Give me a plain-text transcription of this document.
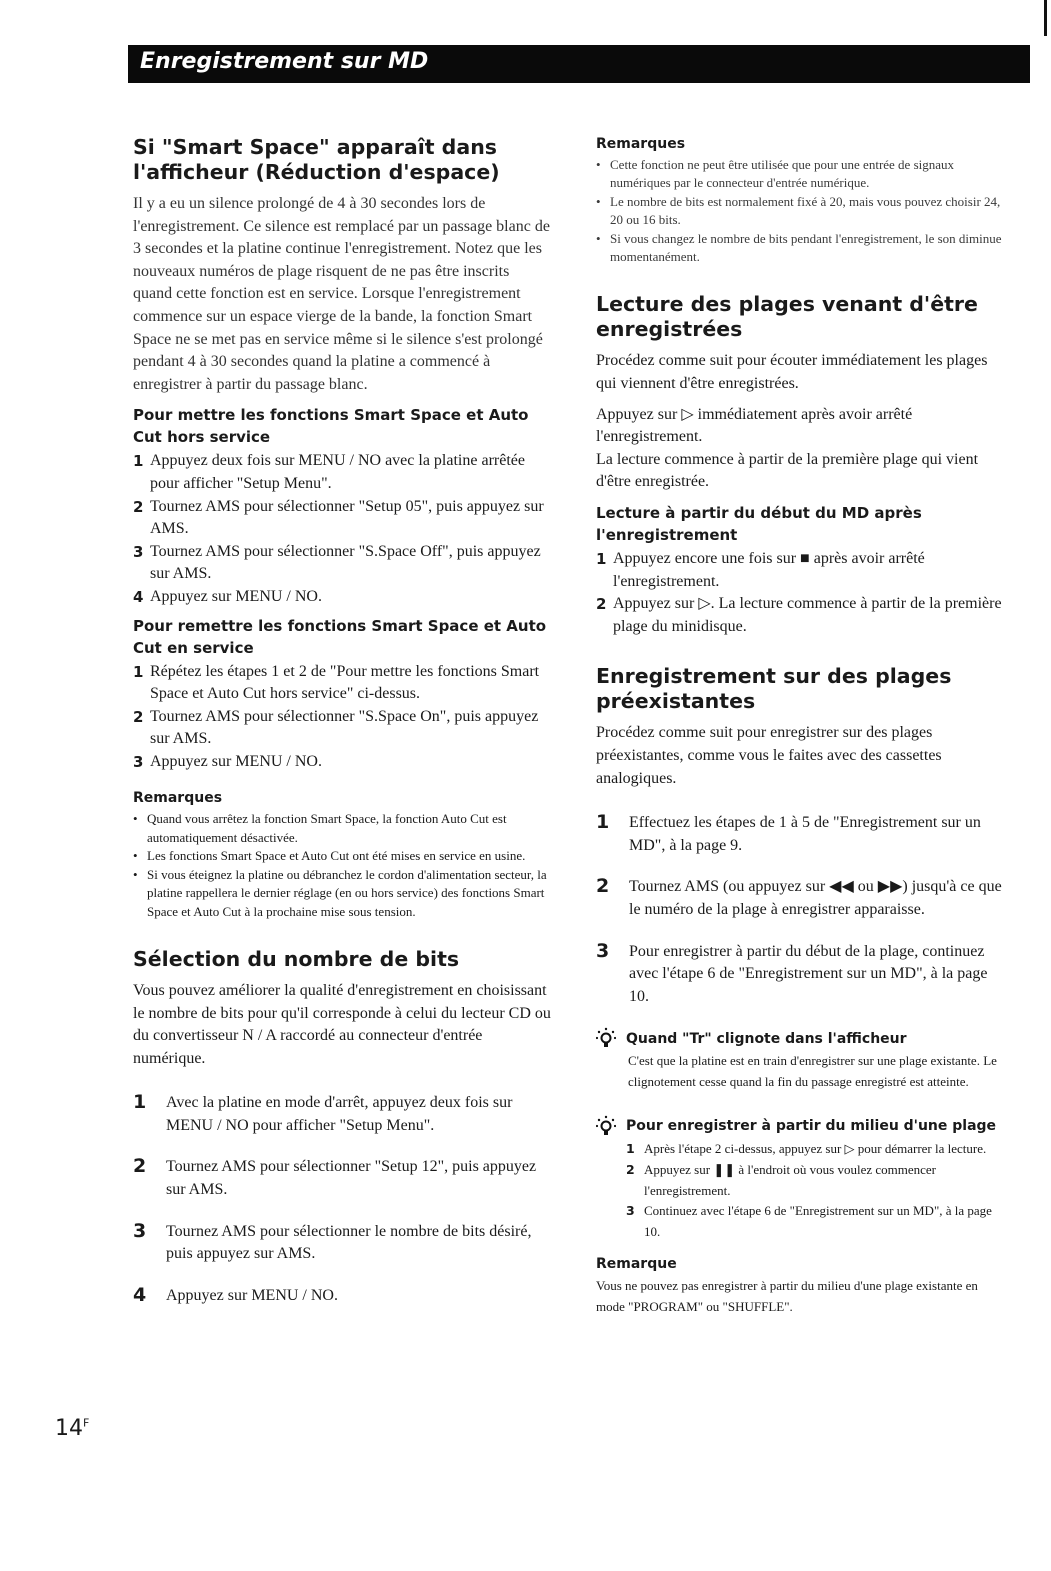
Enregistrement sur MD
Si "Smart Space" apparaît dans l'afficheur (Réduction d'espace)

Il y a eu un silence prolongé de 4 à 30 secondes lors de l'enregistrement. Ce silence est remplacé par un passage blanc de 3 secondes et la platine continue l'enregistrement. Notez que les nouveaux numéros de plage risquent de ne pas être inscrits quand cette fonction est en service. Lorsque l'enregistrement commence sur un espace vierge de la bande, la fonction Smart Space ne se met pas en service même si le silence s'est prolongé pendant 4 à 30 secondes quand la platine a commencé à enregistrer à partir du passage blanc.

Pour mettre les fonctions Smart Space et Auto Cut hors service
1 Appuyez deux fois sur MENU / NO avec la platine arrêtée pour afficher "Setup Menu".
2 Tournez AMS pour sélectionner "Setup 05", puis appuyez sur AMS.
3 Tournez AMS pour sélectionner "S.Space Off", puis appuyez sur AMS.
4 Appuyez sur MENU / NO.
Pour remettre les fonctions Smart Space et Auto Cut en service
1 Répétez les étapes 1 et 2 de "Pour mettre les fonctions Smart Space et Auto Cut hors service" ci-dessus.
2 Tournez AMS pour sélectionner "S.Space On", puis appuyez sur AMS.
3 Appuyez sur MENU / NO.
Remarques
• Quand vous arrêtez la fonction Smart Space, la fonction Auto Cut est automatiquement désactivée.
• Les fonctions Smart Space et Auto Cut ont été mises en service en usine.
• Si vous éteignez la platine ou débranchez le cordon d'alimentation secteur, la platine rappellera le dernier réglage (en ou hors service) des fonctions Smart Space et Auto Cut à la prochaine mise sous tension.
Sélection du nombre de bits

Vous pouvez améliorer la qualité d'enregistrement en choisissant le nombre de bits pour qu'il corresponde à celui du lecteur CD ou du convertisseur N / A raccordé au connecteur d'entrée numérique.

1 Avec la platine en mode d'arrêt, appuyez deux fois sur MENU / NO pour afficher "Setup Menu".
2 Tournez AMS pour sélectionner "Setup 12", puis appuyez sur AMS.
3 Tournez AMS pour sélectionner le nombre de bits désiré, puis appuyez sur AMS.
4 Appuyez sur MENU / NO.
Remarques
• Cette fonction ne peut être utilisée que pour une entrée de signaux numériques par le connecteur d'entrée numérique.
• Le nombre de bits est normalement fixé à 20, mais vous pouvez choisir 24, 20 ou 16 bits.
• Si vous changez le nombre de bits pendant l'enregistrement, le son diminue momentanément.
Lecture des plages venant d'être enregistrées

Procédez comme suit pour écouter immédiatement les plages qui viennent d'être enregistrées.

Appuyez sur ▷ immédiatement après avoir arrêté l'enregistrement.

La lecture commence à partir de la première plage qui vient d'être enregistrée.

Lecture à partir du début du MD après l'enregistrement
1 Appuyez encore une fois sur ■ après avoir arrêté l'enregistrement.
2 Appuyez sur ▷. La lecture commence à partir de la première plage du minidisque.
Enregistrement sur des plages préexistantes

Procédez comme suit pour enregistrer sur des plages préexistantes, comme vous le faites avec des cassettes analogiques.

1 Effectuez les étapes de 1 à 5 de "Enregistrement sur un MD", à la page 9.
2 Tournez AMS (ou appuyez sur ◀◀ ou ▶▶) jusqu'à ce que le numéro de la plage à enregistrer apparaisse.
3 Pour enregistrer à partir du début de la plage, continuez avec l'étape 6 de "Enregistrement sur un MD", à la page 10.
Quand "Tr" clignote dans l'afficheur

C'est que la platine est en train d'enregistrer sur une plage existante. Le clignotement cesse quand la fin du passage enregistré est atteinte.

Pour enregistrer à partir du milieu d'une plage
1 Après l'étape 2 ci-dessus, appuyez sur ▷ pour démarrer la lecture.
2 Appuyez sur ❚❚ à l'endroit où vous voulez commencer l'enregistrement.
3 Continuez avec l'étape 6 de "Enregistrement sur un MD", à la page 10.
Remarque

Vous ne pouvez pas enregistrer à partir du milieu d'une plage existante en mode "PROGRAM" ou "SHUFFLE".

$14^F$
